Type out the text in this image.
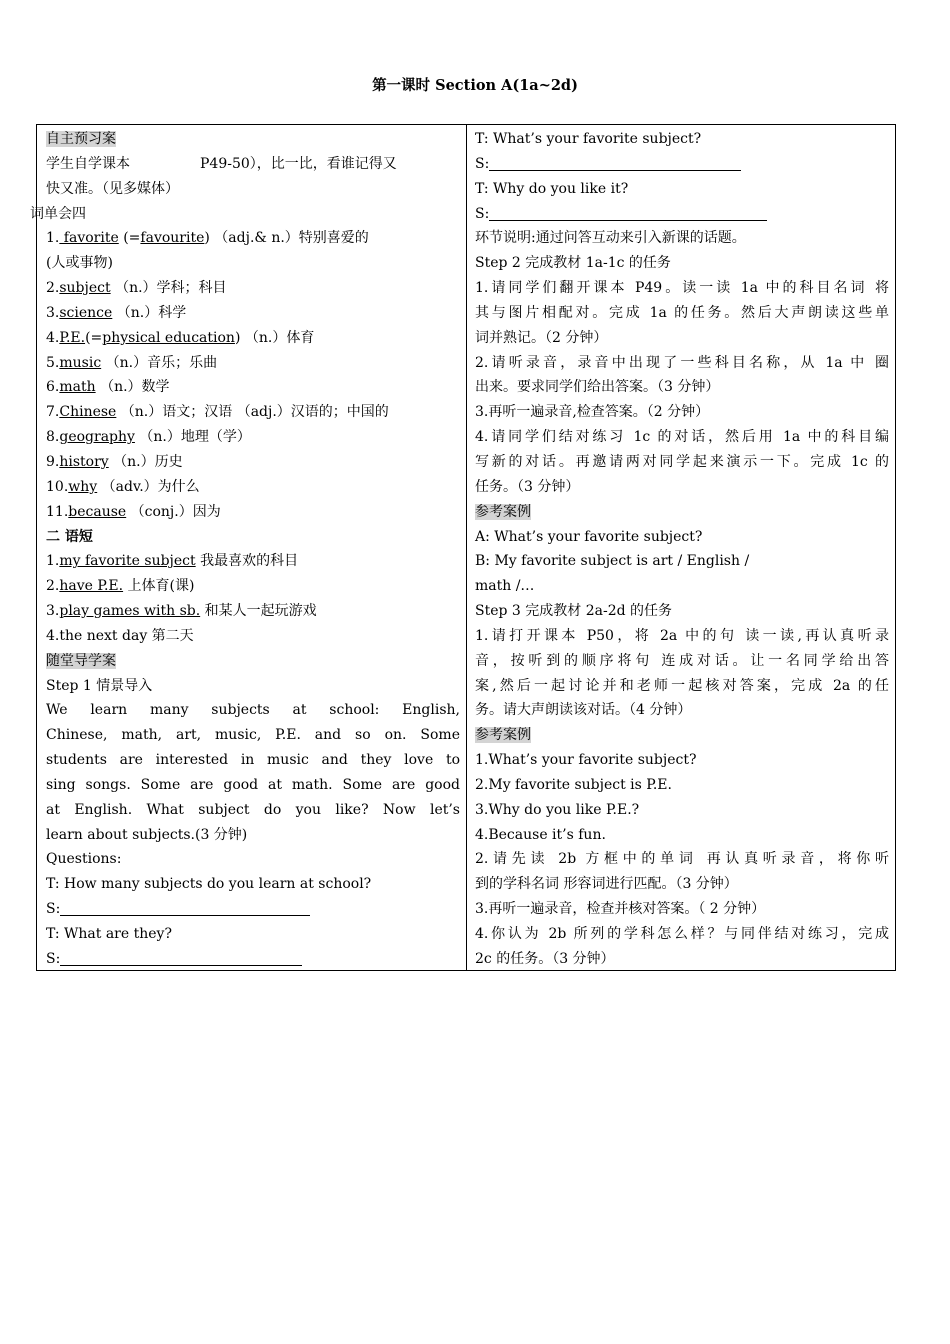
第一课时 Section A(1a~2d)
自主预习案
学生自学课本	P49-50），比一比，看谁记得又
快又准。（见多媒体）
词单会四
1. favorite (=favourite) （adj.& n.）特别喜爱的
(人或事物)
2.subject （n.）学科；科目
3.science （n.）科学
4.P.E.(=physical education) （n.）体育
5.music （n.）音乐；乐曲
6.math （n.）数学
7.Chinese （n.）语文；汉语 （adj.）汉语的；中国的
8.geography （n.）地理（学）
9.history （n.）历史
10.why （adv.）为什么
11.because （conj.）因为
二 语短
1.my favorite subject 我最喜欢的科目
2.have P.E. 上体育(课)
3.play games with sb. 和某人一起玩游戏
4.the next day 第二天
随堂导学案
Step 1 情景导入
We learn many subjects at school: English,
Chinese, math, art, music, P.E. and so on. Some
students are interested in music and they love to
sing songs. Some are good at math. Some are good
at English. What subject do you like? Now let’s
learn about subjects.(3 分钟)
Questions:
T: How many subjects do you learn at school?
S:
T: What are they?
S:
T: What’s your favorite subject?
S:
T: Why do you like it?
S:
环节说明:通过问答互动来引入新课的话题。
Step 2 完成教材 1a-1c 的任务
1.请同学们翻开课本 P49。读一读 1a 中的科目名词 将
其与图片相配对。完成 1a 的任务。然后大声朗读这些单
词并熟记。（2 分钟）
2.请听录音，录音中出现了一些科目名称，从 1a 中 圈
出来。要求同学们给出答案。（3 分钟）
3.再听一遍录音,检查答案。（2 分钟）
4.请同学们结对练习 1c 的对话，然后用 1a 中的科目编
写新的对话。再邀请两对同学起来演示一下。完成 1c 的
任务。（3 分钟）
参考案例
A: What’s your favorite subject?
B: My favorite subject is art / English /
math /…
Step 3 完成教材 2a-2d 的任务
1.请打开课本 P50，将 2a 中的句 读一读,再认真听录
音，按听到的顺序将句 连成对话。让一名同学给出答
案,然后一起讨论并和老师一起核对答案，完成 2a 的任
务。请大声朗读该对话。（4 分钟）
参考案例
1.What’s your favorite subject?
2.My favorite subject is P.E.
3.Why do you like P.E.?
4.Because it’s fun.
2.请先读 2b 方框中的单词 再认真听录音，将你听
到的学科名词 形容词进行匹配。（3 分钟）
3.再听一遍录音，检查并核对答案。（ 2 分钟）
4.你认为 2b 所列的学科怎么样？与同伴结对练习，完成
2c 的任务。（3 分钟）
